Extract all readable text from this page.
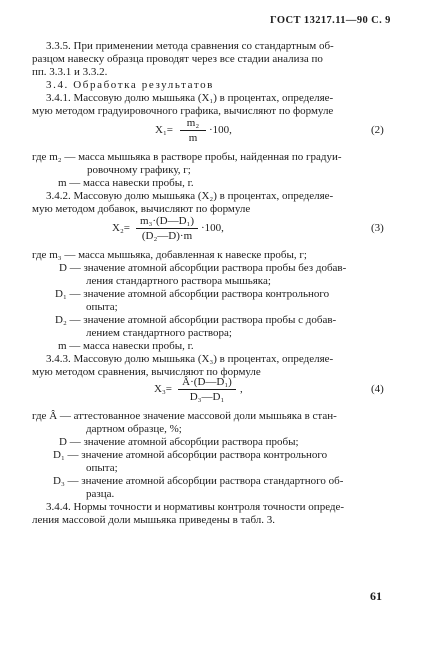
ГОСТ 13217.11—90 С. 9
3.3.5. При применении метода сравнения со стандартным об-
разцом навеску образца проводят через все стадии анализа по
пп. 3.3.1 и 3.3.2.
3.4. Обработка результатов
3.4.1. Массовую долю мышьяка (X₁) в процентах, определяе-
мую методом градуировочного графика, вычисляют по формуле
X₁=
m₂
m
·100,	(2)
где m₂ — масса мышьяка в растворе пробы, найденная по градуи-
ровочному графику, г;
m — масса навески пробы, г.
3.4.2. Массовую долю мышьяка (X₂) в процентах, определяе-
мую методом добавок, вычисляют по формуле
X₂=
m₃·(D—D₁)
(D₂—D)·m
·100,	(3)
где m₃ — масса мышьяка, добавленная к навеске пробы, г;
D — значение атомной абсорбции раствора пробы без добав-
ления стандартного раствора мышьяка;
D₁ — значение атомной абсорбции раствора контрольного
опыта;
D₂ — значение атомной абсорбции раствора пробы с добав-
лением стандартного раствора;
m — масса навески пробы, г.
3.4.3. Массовую долю мышьяка (X₃) в процентах, определяе-
мую методом сравнения, вычисляют по формуле
X₃=
Â·(D—D₁)
D₃—D₁
,	(4)
где Â — аттестованное значение массовой доли мышьяка в стан-
дартном образце, %;
D — значение атомной абсорбции раствора пробы;
D₁ — значение атомной абсорбции раствора контрольного
опыта;
D₃ — значение атомной абсорбции раствора стандартного об-
разца.
3.4.4. Нормы точности и нормативы контроля точности опреде-
ления массовой доли мышьяка приведены в табл. 3.
61
